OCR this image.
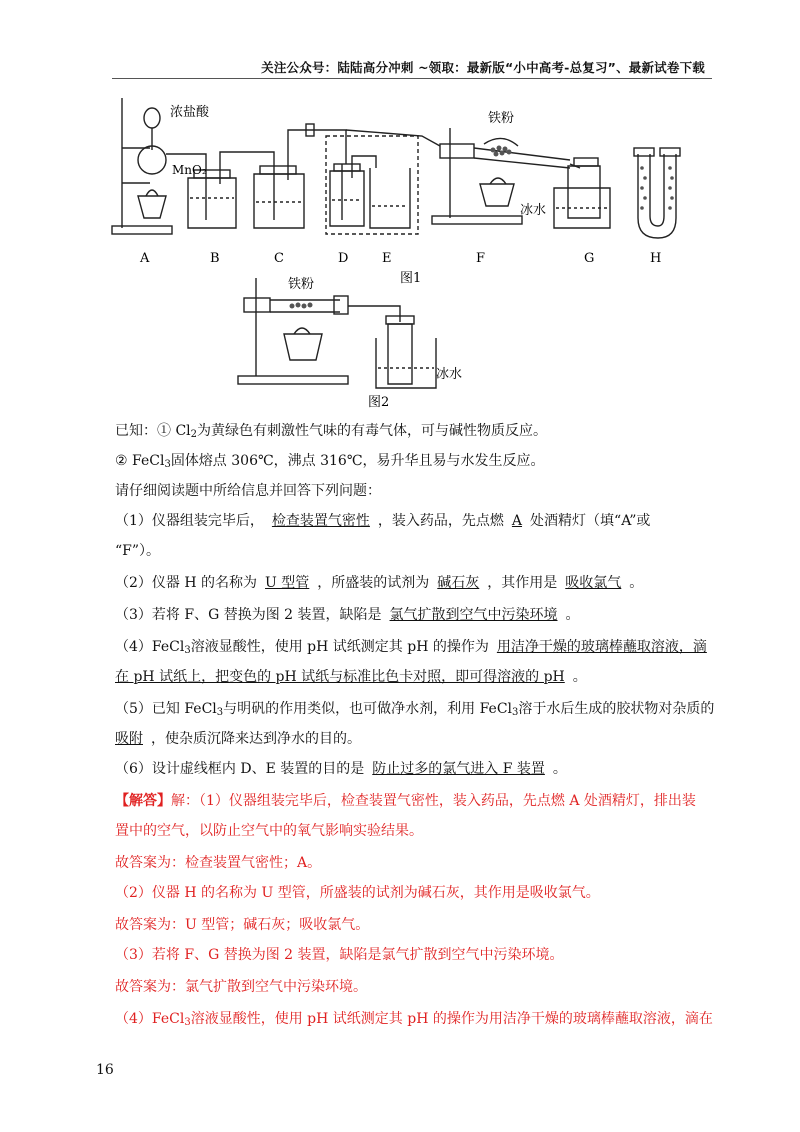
关注公众号：陆陆高分冲刺 ~领取：最新版“小中高考-总复习”、最新试卷下载
浓盐酸
MnO₂
铁粉
冰水
A	B	C	D	E	F	G	H
图1
铁粉
冰水
图2
已知：① $Cl_2$为黄绿色有刺激性气味的有毒气体，可与碱性物质反应。
② FeCl$_3$固体熔点 306℃，沸点 316℃，易升华且易与水发生反应。
请仔细阅读题中所给信息并回答下列问题：
（1）仪器组装完毕后， 检查装置气密性 ，装入药品，先点燃 A 处酒精灯（填“A”或
“F”）。
（2）仪器 H 的名称为 U 型管 ，所盛装的试剂为 碱石灰 ，其作用是 吸收氯气 。
（3）若将 F、G 替换为图 2 装置，缺陷是 氯气扩散到空气中污染环境 。
（4）FeCl$_3$溶液显酸性，使用 pH 试纸测定其 pH 的操作为 用洁净干燥的玻璃棒蘸取溶液，滴
在 pH 试纸上，把变色的 pH 试纸与标准比色卡对照，即可得溶液的 pH 。
（5）已知 FeCl$_3$与明矾的作用类似，也可做净水剂，利用 FeCl$_3$溶于水后生成的胶状物对杂质的
吸附 ，使杂质沉降来达到净水的目的。
（6）设计虚线框内 D、E 装置的目的是 防止过多的氯气进入 F 装置 。
【解答】解：（1）仪器组装完毕后，检查装置气密性，装入药品，先点燃 A 处酒精灯，排出装
置中的空气，以防止空气中的氧气影响实验结果。
故答案为：检查装置气密性；A。
（2）仪器 H 的名称为 U 型管，所盛装的试剂为碱石灰，其作用是吸收氯气。
故答案为：U 型管；碱石灰；吸收氯气。
（3）若将 F、G 替换为图 2 装置，缺陷是氯气扩散到空气中污染环境。
故答案为：氯气扩散到空气中污染环境。
（4）FeCl$_3$溶液显酸性，使用 pH 试纸测定其 pH 的操作为用洁净干燥的玻璃棒蘸取溶液，滴在
16
